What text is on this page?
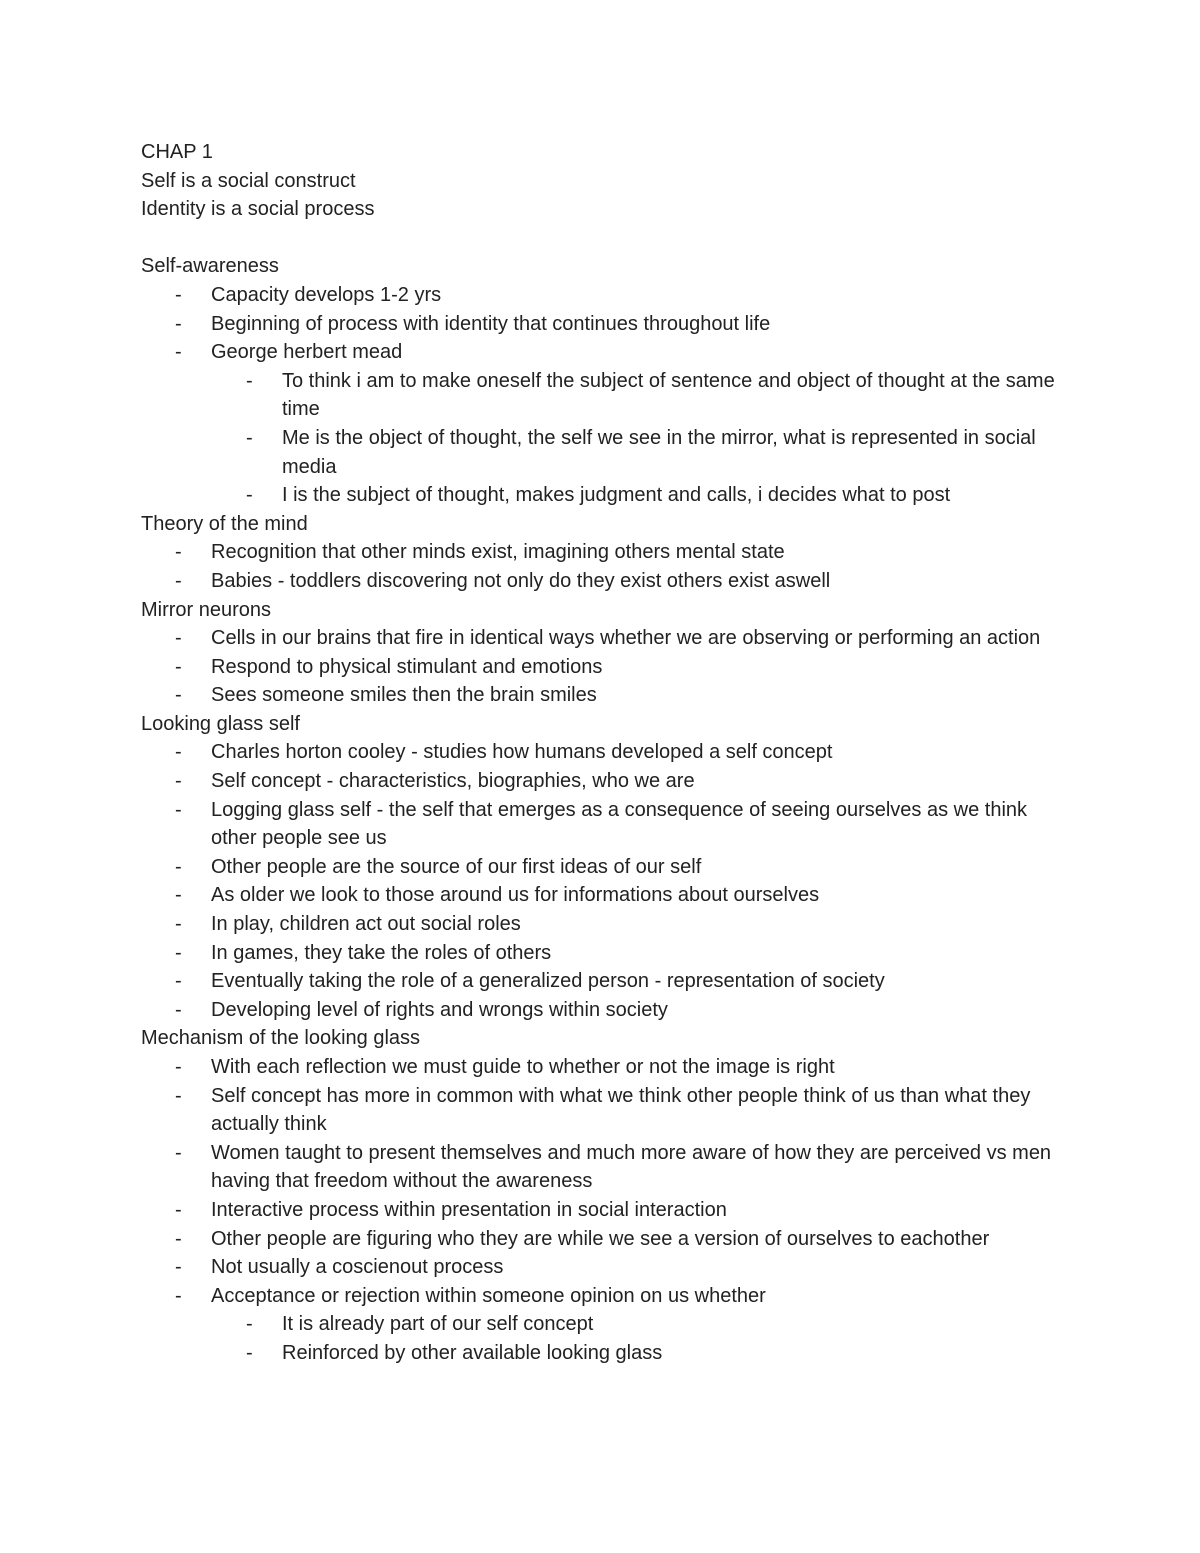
CHAP 1

Self is a social construct

Identity is a social process

Self-awareness

- Capacity develops 1-2 yrs
- Beginning of process with identity that continues throughout life
- George herbert mead
- To think i am to make oneself the subject of sentence and object of thought at the same time
- Me is the object of thought, the self we see in the mirror, what is represented in social media
- I is the subject of thought, makes judgment and calls, i decides what to post

Theory of the mind

- Recognition that other minds exist, imagining others mental state
- Babies - toddlers discovering not only do they exist others exist aswell

Mirror neurons

- Cells in our brains that fire in identical ways whether we are observing or performing an action
- Respond to physical stimulant and emotions
- Sees someone smiles then the brain smiles

Looking glass self

- Charles horton cooley - studies how humans developed a self concept
- Self concept - characteristics, biographies, who we are
- Logging glass self - the self that emerges as a consequence of seeing ourselves as we think other people see us
- Other people are the source of our first ideas of our self
- As older we look to those around us for informations about ourselves
- In play, children act out social roles
- In games, they take the roles of others
- Eventually taking the role of a generalized person - representation of society
- Developing level of rights and wrongs within society

Mechanism of the looking glass

- With each reflection we must guide to whether or not the image is right
- Self concept has more in common with what we think other people think of us than what they actually think
- Women taught to present themselves and much more aware of how they are perceived vs men having that freedom without the awareness
- Interactive process within presentation in social interaction
- Other people are figuring who they are while we see a version of ourselves to eachother
- Not usually a coscienout process
- Acceptance or rejection within someone opinion on us whether
- It is already part of our self concept
- Reinforced by other available looking glass
